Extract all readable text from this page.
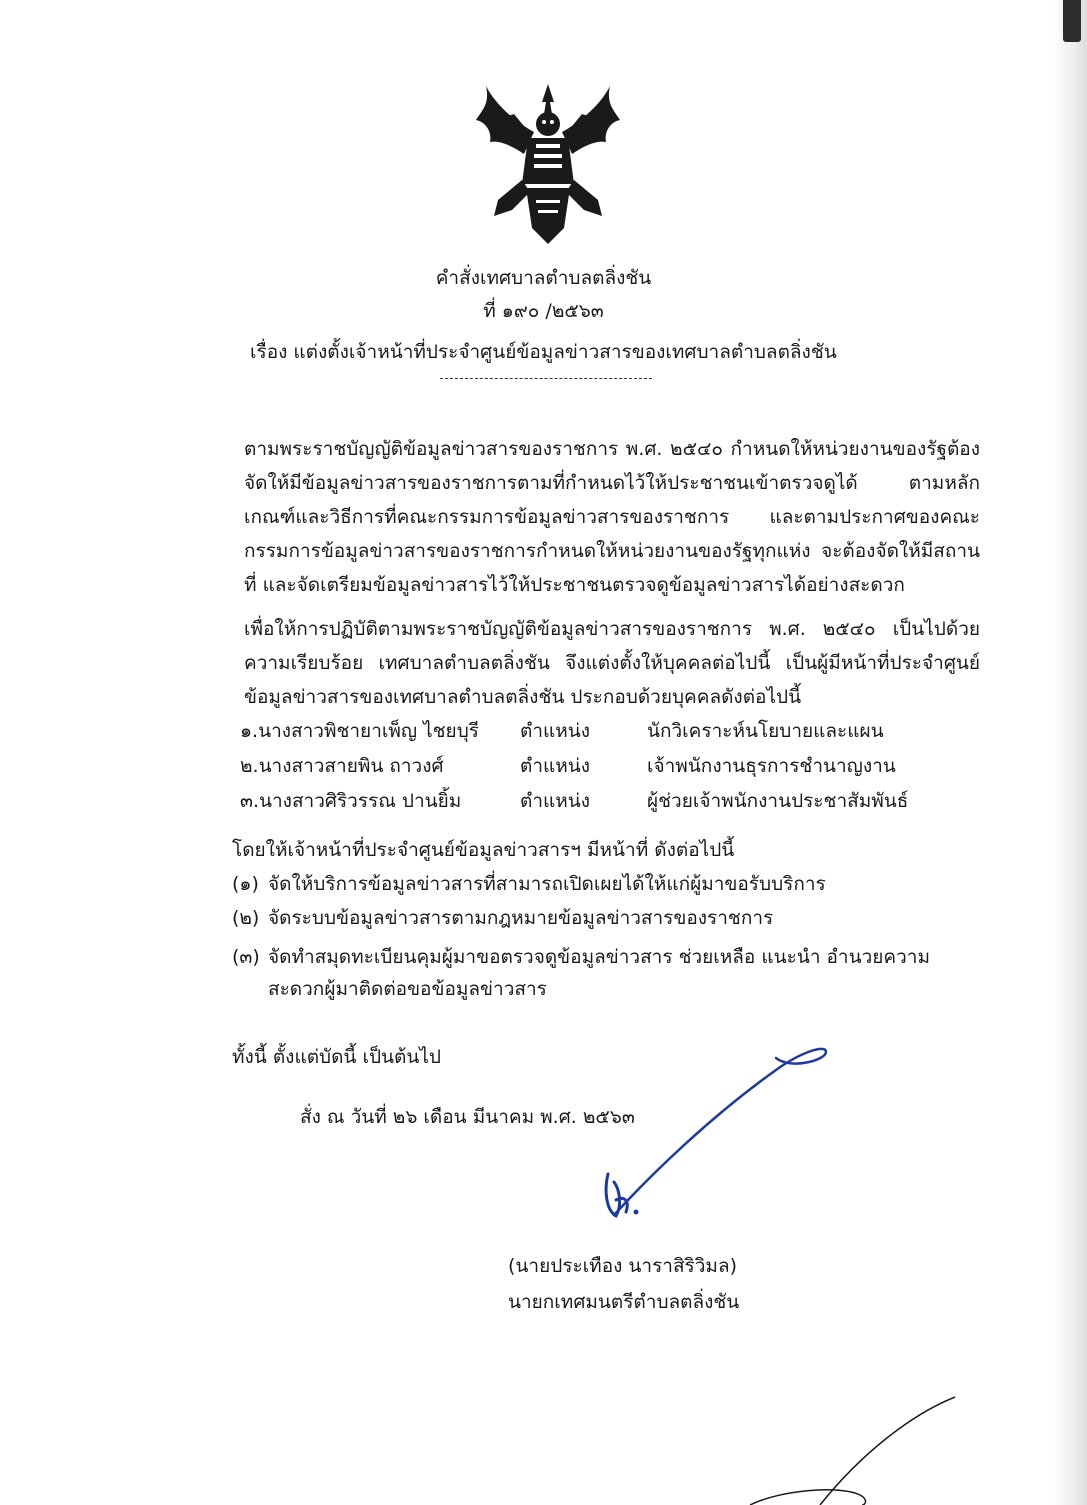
คำสั่งเทศบาลตำบลตลิ่งชัน
ที่ ๑๙๐ /๒๕๖๓
เรื่อง แต่งตั้งเจ้าหน้าที่ประจำศูนย์ข้อมูลข่าวสารของเทศบาลตำบลตลิ่งชัน
ตามพระราชบัญญัติข้อมูลข่าวสารของราชการ พ.ศ. ๒๕๔๐ กำหนดให้หน่วยงานของรัฐต้องจัดให้มีข้อมูลข่าวสารของราชการตามที่กำหนดไว้ให้ประชาชนเข้าตรวจดูได้ ตามหลักเกณฑ์และวิธีการที่คณะกรรมการข้อมูลข่าวสารของราชการ และตามประกาศของคณะกรรมการข้อมูลข่าวสารของราชการกำหนดให้หน่วยงานของรัฐทุกแห่ง จะต้องจัดให้มีสถานที่ และจัดเตรียมข้อมูลข่าวสารไว้ให้ประชาชนตรวจดูข้อมูลข่าวสารได้อย่างสะดวก
เพื่อให้การปฏิบัติตามพระราชบัญญัติข้อมูลข่าวสารของราชการ พ.ศ. ๒๕๔๐ เป็นไปด้วยความเรียบร้อย เทศบาลตำบลตลิ่งชัน จึงแต่งตั้งให้บุคคลต่อไปนี้ เป็นผู้มีหน้าที่ประจำศูนย์ข้อมูลข่าวสารของเทศบาลตำบลตลิ่งชัน ประกอบด้วยบุคคลดังต่อไปนี้
๑.นางสาวพิชายาเพ็ญ ไชยบุรี ตำแหน่ง	นักวิเคราะห์นโยบายและแผน
๒.นางสาวสายพิน ถาวงศ์	ตำแหน่ง	เจ้าพนักงานธุรการชำนาญงาน
๓.นางสาวศิริวรรณ ปานยิ้ม	ตำแหน่ง	ผู้ช่วยเจ้าพนักงานประชาสัมพันธ์
โดยให้เจ้าหน้าที่ประจำศูนย์ข้อมูลข่าวสารฯ มีหน้าที่ ดังต่อไปนี้
(๑) จัดให้บริการข้อมูลข่าวสารที่สามารถเปิดเผยได้ให้แก่ผู้มาขอรับบริการ
(๒) จัดระบบข้อมูลข่าวสารตามกฎหมายข้อมูลข่าวสารของราชการ
(๓) จัดทำสมุดทะเบียนคุมผู้มาขอตรวจดูข้อมูลข่าวสาร ช่วยเหลือ แนะนำ อำนวยความ
สะดวกผู้มาติดต่อขอข้อมูลข่าวสาร
ทั้งนี้ ตั้งแต่บัดนี้ เป็นต้นไป
สั่ง ณ วันที่ ๒๖ เดือน มีนาคม พ.ศ. ๒๕๖๓
(นายประเทือง นาราสิริวิมล)
นายกเทศมนตรีตำบลตลิ่งชัน
